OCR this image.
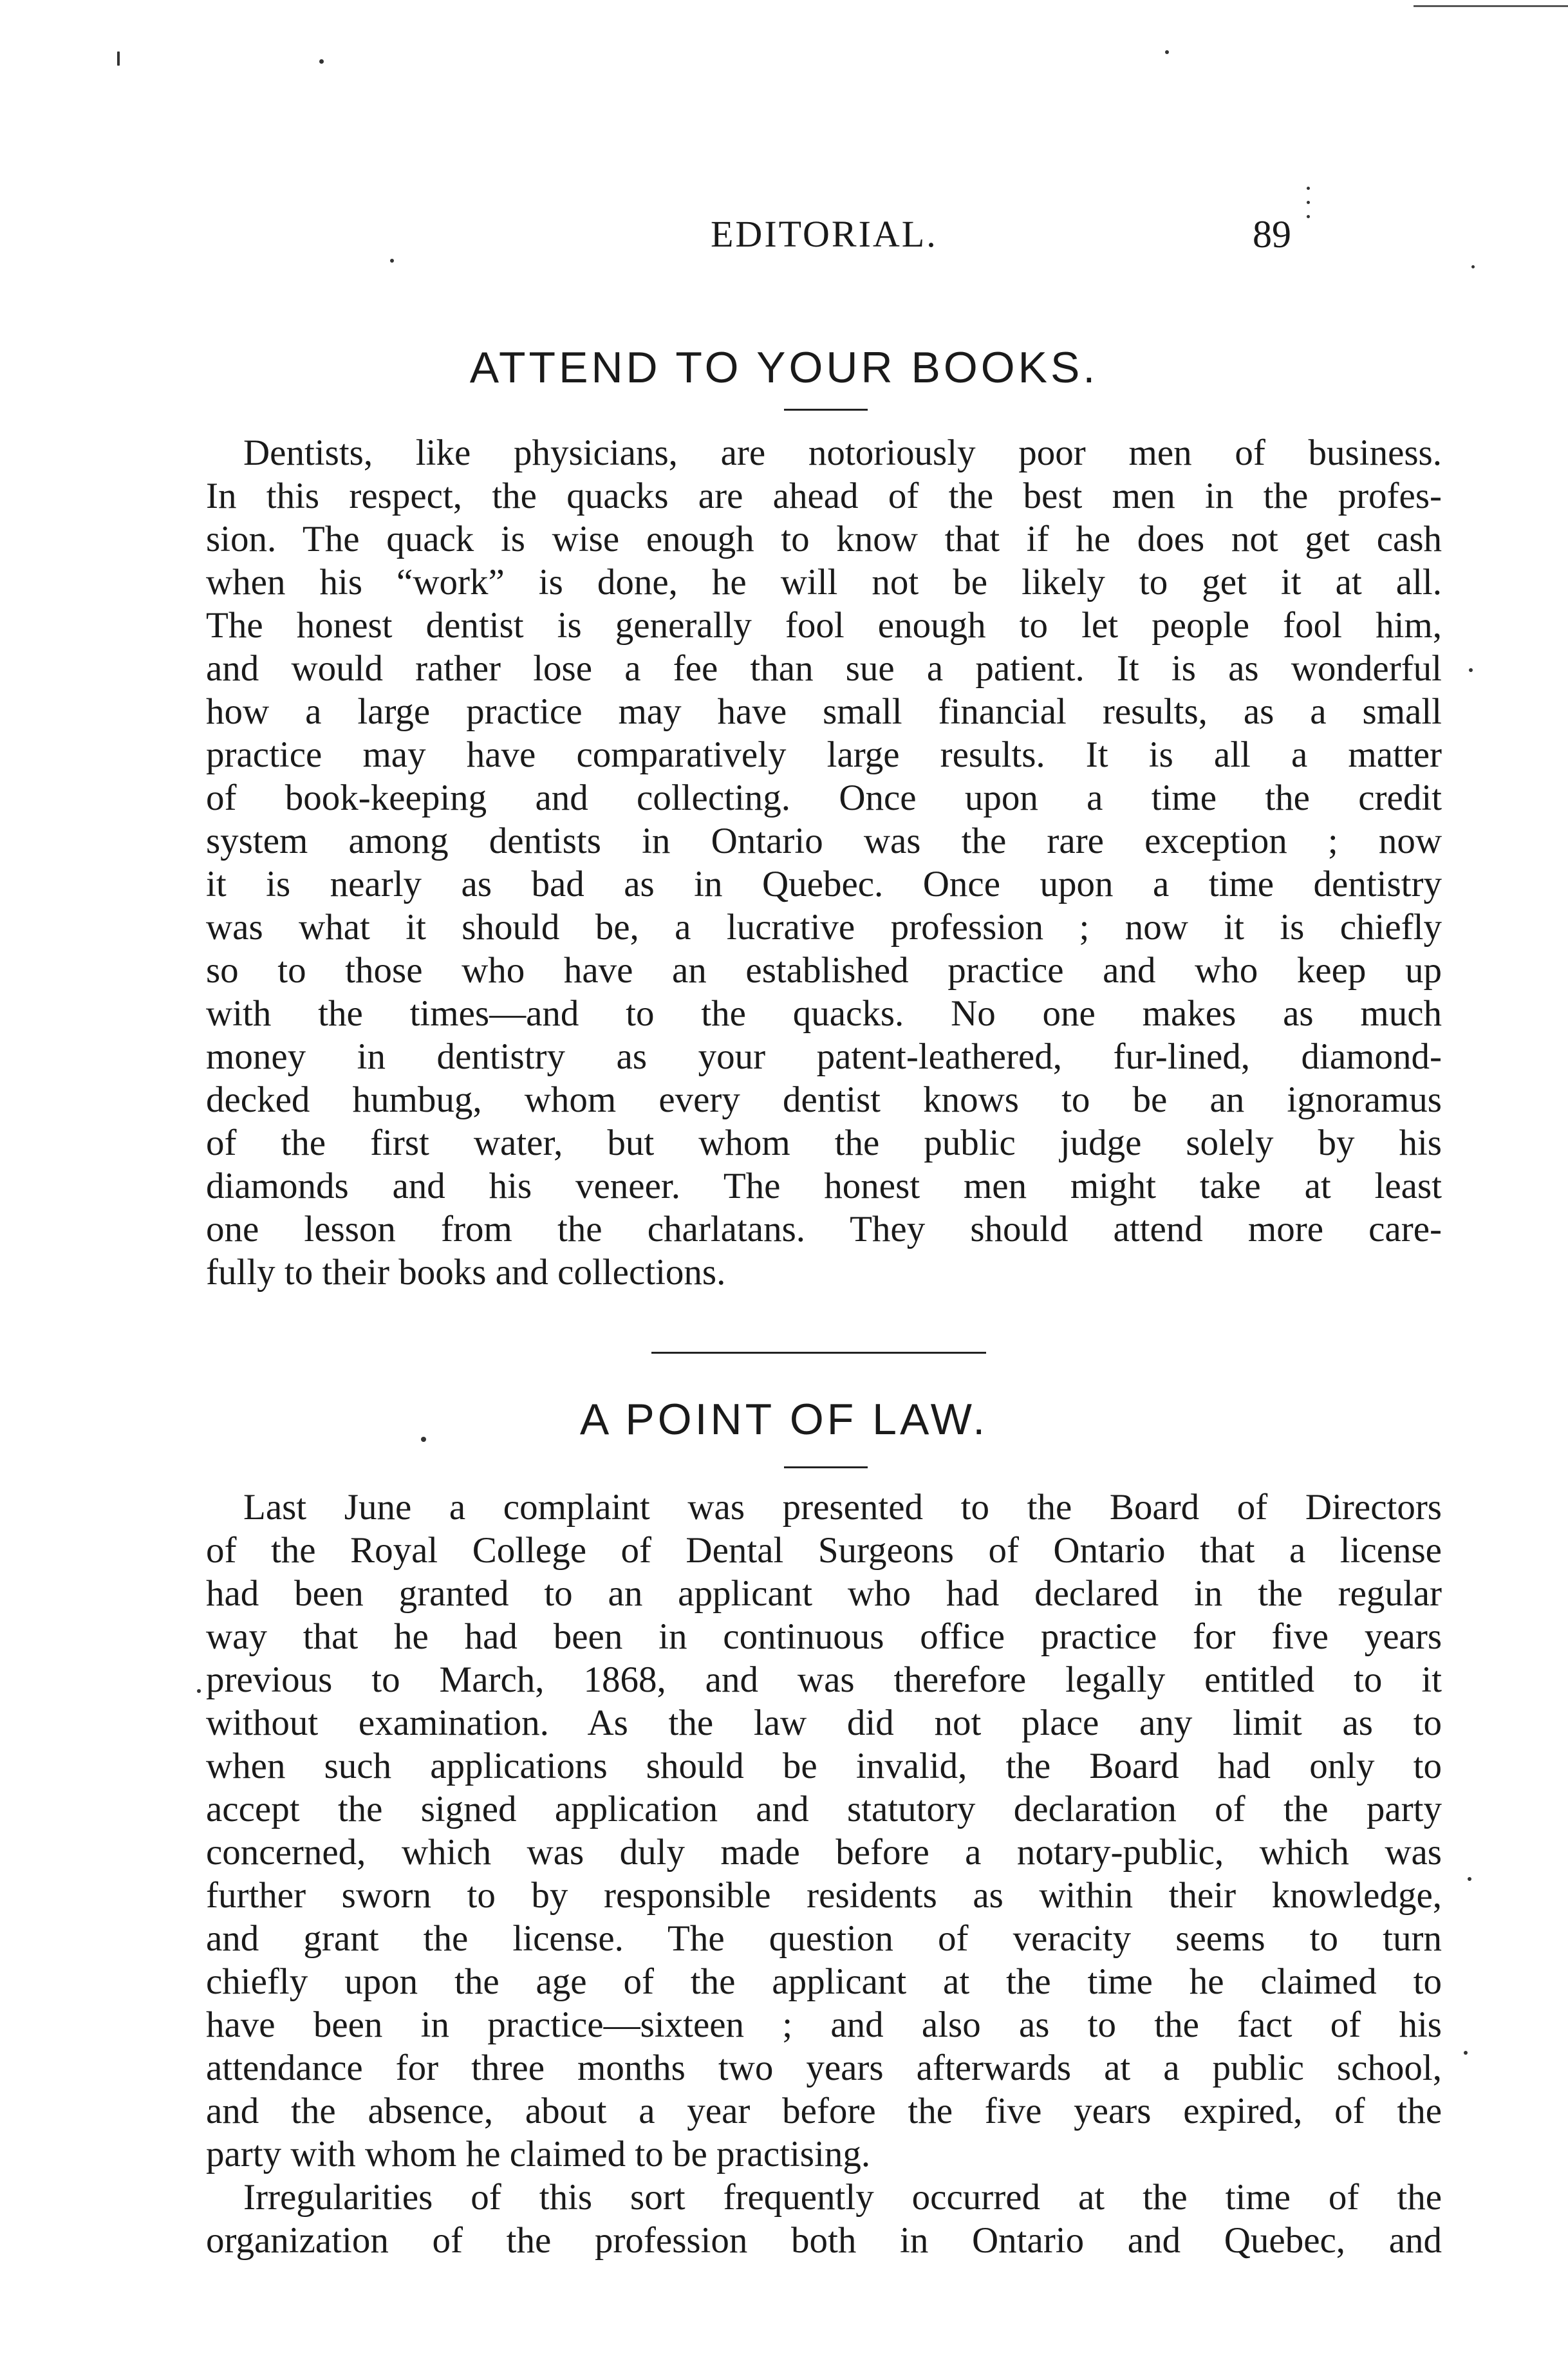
EDITORIAL.	89
ATTEND TO YOUR BOOKS.
Dentists, like physicians, are notoriously poor men of business.
In this respect, the quacks are ahead of the best men in the profes-
sion. The quack is wise enough to know that if he does not get cash
when his “work” is done, he will not be likely to get it at all.
The honest dentist is generally fool enough to let people fool him,
and would rather lose a fee than sue a patient. It is as wonderful
how a large practice may have small financial results, as a small
practice may have comparatively large results. It is all a matter
of book-keeping and collecting. Once upon a time the credit
system among dentists in Ontario was the rare exception ; now
it is nearly as bad as in Quebec. Once upon a time dentistry
was what it should be, a lucrative profession ; now it is chiefly
so to those who have an established practice and who keep up
with the times—and to the quacks. No one makes as much
money in dentistry as your patent-leathered, fur-lined, diamond-
decked humbug, whom every dentist knows to be an ignoramus
of the first water, but whom the public judge solely by his
diamonds and his veneer. The honest men might take at least
one lesson from the charlatans. They should attend more care-
fully to their books and collections.
A POINT OF LAW.
Last June a complaint was presented to the Board of Directors
of the Royal College of Dental Surgeons of Ontario that a license
had been granted to an applicant who had declared in the regular
way that he had been in continuous office practice for five years
previous to March, 1868, and was therefore legally entitled to it
without examination. As the law did not place any limit as to
when such applications should be invalid, the Board had only to
accept the signed application and statutory declaration of the party
concerned, which was duly made before a notary-public, which was
further sworn to by responsible residents as within their knowledge,
and grant the license. The question of veracity seems to turn
chiefly upon the age of the applicant at the time he claimed to
have been in practice—sixteen ; and also as to the fact of his
attendance for three months two years afterwards at a public school,
and the absence, about a year before the five years expired, of the
party with whom he claimed to be practising.
Irregularities of this sort frequently occurred at the time of the
organization of the profession both in Ontario and Quebec, and
